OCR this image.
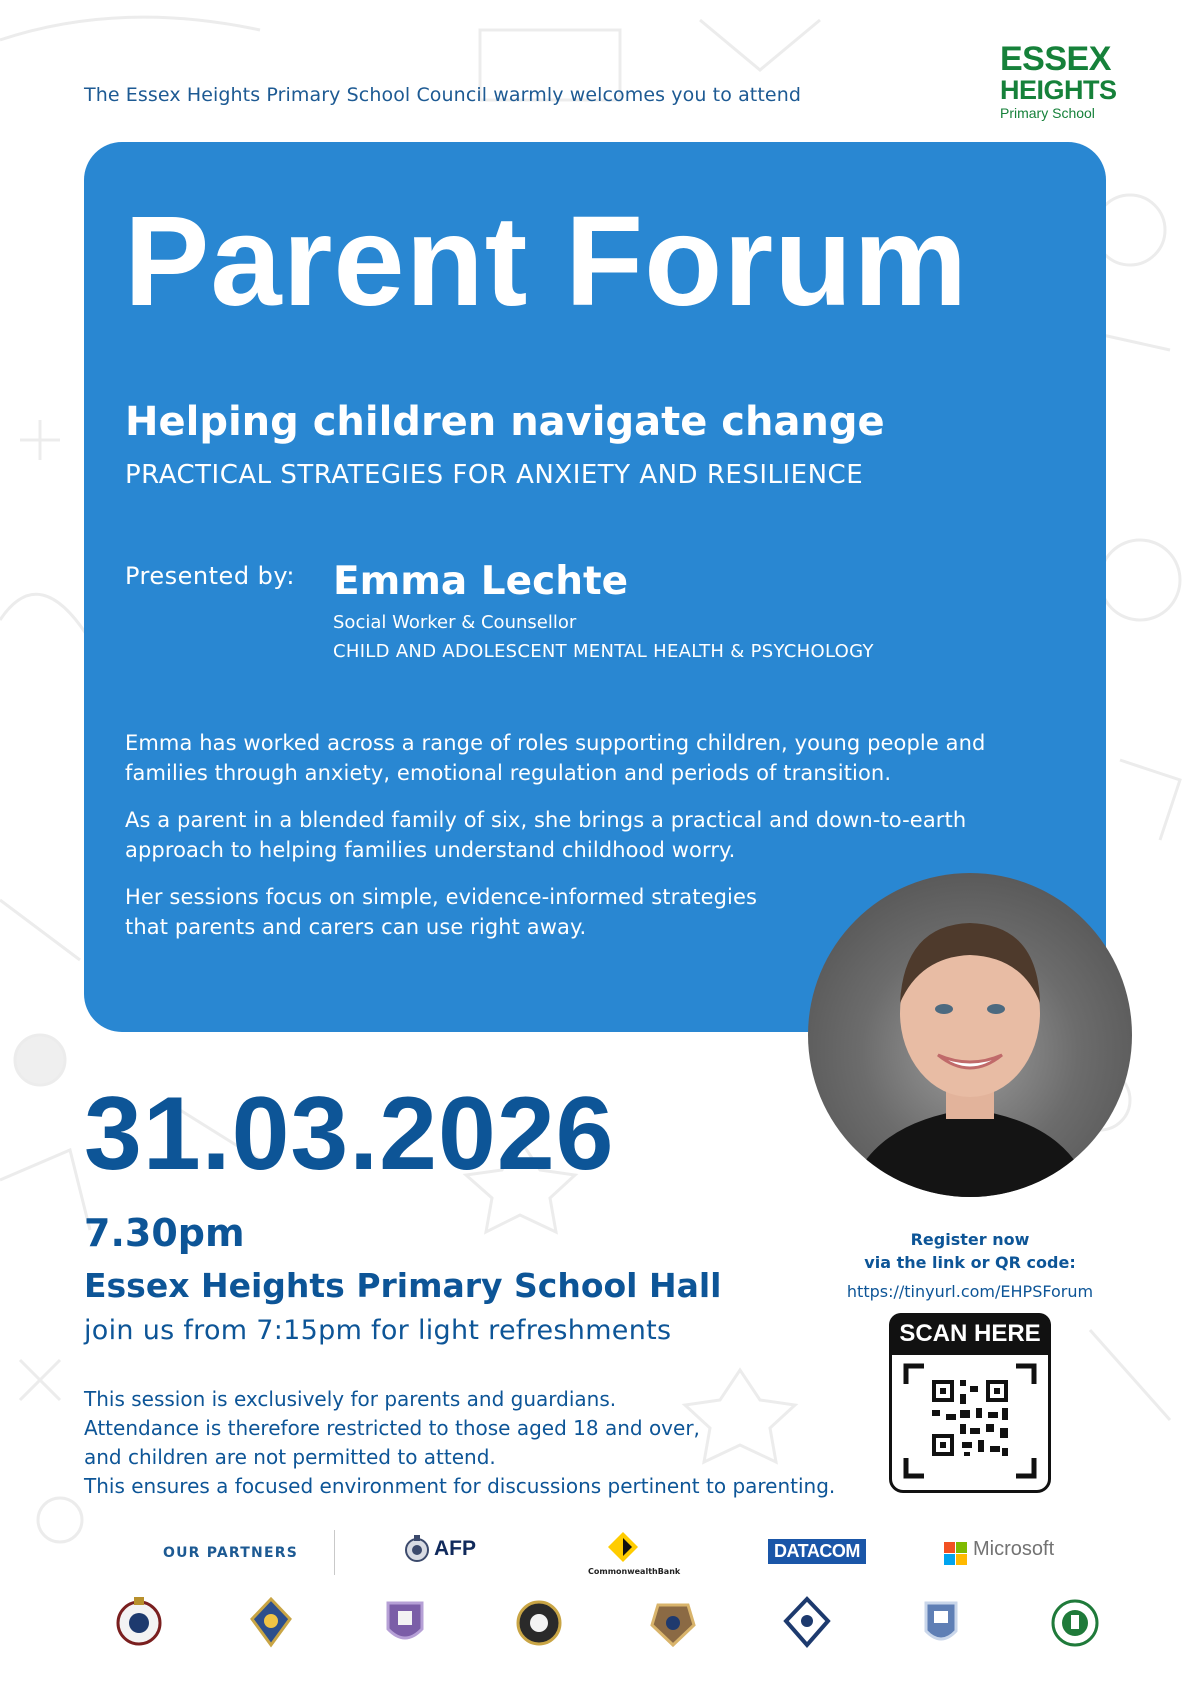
The Essex Heights Primary School Council warmly welcomes you to attend
ESSEX
HEIGHTS
Primary School
Parent Forum
Helping children navigate change
PRACTICAL STRATEGIES FOR ANXIETY AND RESILIENCE
Presented by: Emma Lechte
Social Worker & Counsellor
CHILD AND ADOLESCENT MENTAL HEALTH & PSYCHOLOGY
Emma has worked across a range of roles supporting children, young people and families through anxiety, emotional regulation and periods of transition.
As a parent in a blended family of six, she brings a practical and down-to-earth approach to helping families understand childhood worry.
Her sessions focus on simple, evidence-informed strategies that parents and carers can use right away.
31.03.2026
7.30pm
Essex Heights Primary School Hall
join us from 7:15pm for light refreshments
This session is exclusively for parents and guardians.
Attendance is therefore restricted to those aged 18 and over,
and children are not permitted to attend.
This ensures a focused environment for discussions pertinent to parenting.
Register now
via the link or QR code:
https://tinyurl.com/EHPSForum
SCAN HERE
OUR PARTNERS	AFP
CommonwealthBank
DATACOM	Microsoft
